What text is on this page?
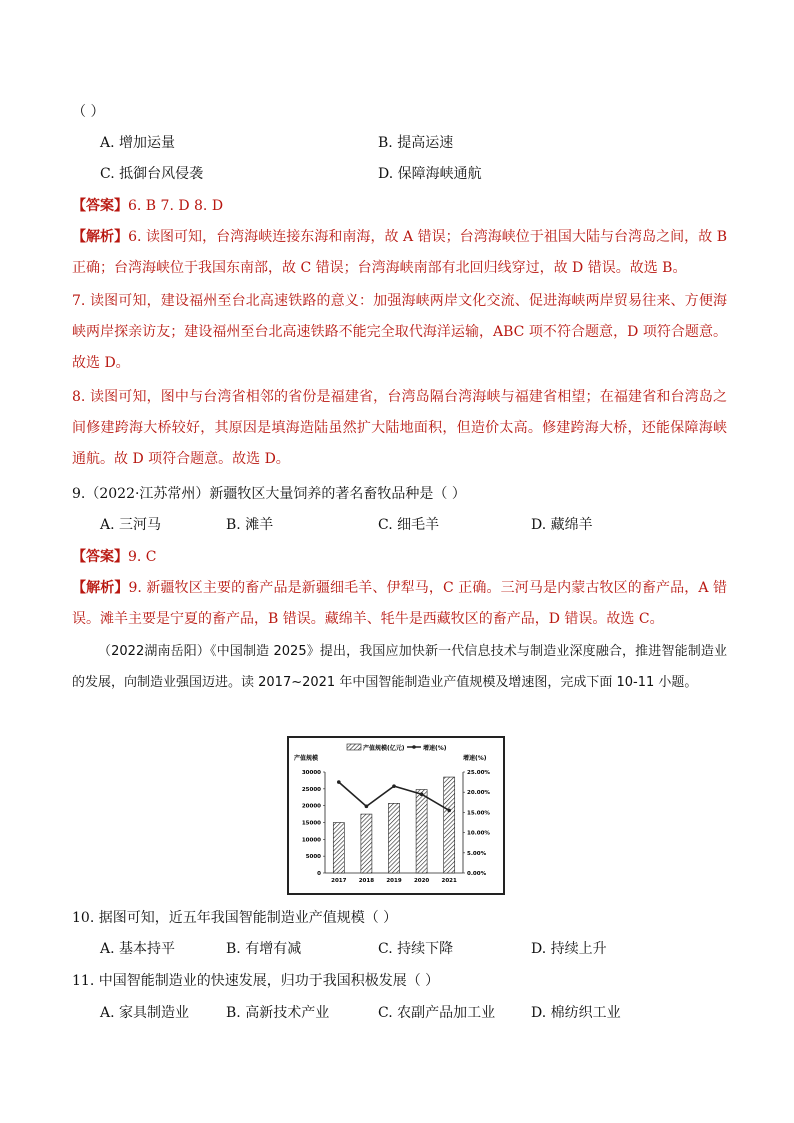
（ ）
A. 增加运量	B. 提高运速
C. 抵御台风侵袭	D. 保障海峡通航
【答案】6. B 7. D 8. D
【解析】6. 读图可知，台湾海峡连接东海和南海，故 A 错误；台湾海峡位于祖国大陆与台湾岛之间，故 B 正确；台湾海峡位于我国东南部，故 C 错误；台湾海峡南部有北回归线穿过，故 D 错误。故选 B。
7. 读图可知，建设福州至台北高速铁路的意义：加强海峡两岸文化交流、促进海峡两岸贸易往来、方便海峡两岸探亲访友；建设福州至台北高速铁路不能完全取代海洋运输，ABC 项不符合题意，D 项符合题意。故选 D。
8. 读图可知，图中与台湾省相邻的省份是福建省，台湾岛隔台湾海峡与福建省相望；在福建省和台湾岛之间修建跨海大桥较好，其原因是填海造陆虽然扩大陆地面积，但造价太高。修建跨海大桥，还能保障海峡通航。故 D 项符合题意。故选 D。
9.（2022·江苏常州）新疆牧区大量饲养的著名畜牧品种是（ ）
A. 三河马	B. 滩羊	C. 细毛羊	D. 藏绵羊
【答案】9. C
【解析】9. 新疆牧区主要的畜产品是新疆细毛羊、伊犁马，C 正确。三河马是内蒙古牧区的畜产品，A 错误。滩羊主要是宁夏的畜产品，B 错误。藏绵羊、牦牛是西藏牧区的畜产品，D 错误。故选 C。
（2022湖南岳阳）《中国制造 2025》提出，我国应加快新一代信息技术与制造业深度融合，推进智能制造业的发展，向制造业强国迈进。读 2017~2021 年中国智能制造业产值规模及增速图，完成下面 10-11 小题。
产值规模(亿元)	增速(%)
产值规模	增速(%)
0
5000
10000
15000
20000
25000
30000
0.00%
5.00%
10.00%
15.00%
20.00%
25.00%
2017 2018 2019 2020 2021
10. 据图可知，近五年我国智能制造业产值规模（ ）
A. 基本持平	B. 有增有减	C. 持续下降	D. 持续上升
11. 中国智能制造业的快速发展，归功于我国积极发展（ ）
A. 家具制造业	B. 高新技术产业	C. 农副产品加工业	D. 棉纺织工业
